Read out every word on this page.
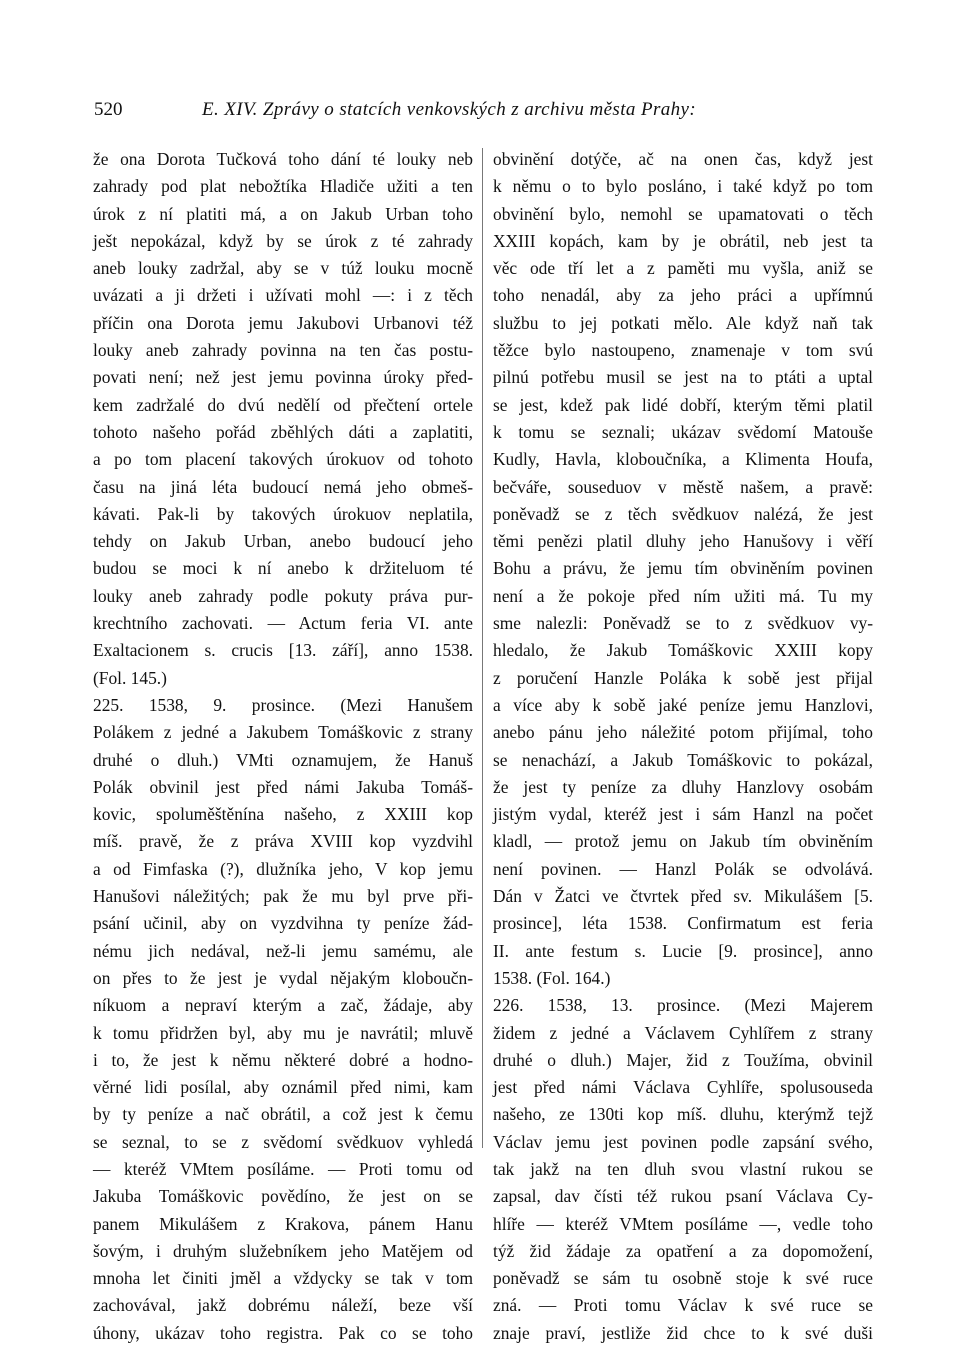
520	E. XIV. Zprávy o statcích venkovských z archivu města Prahy:
že ona Dorota Tučková toho dání té louky neb
zahrady pod plat nebožtíka Hladiče užiti a ten
úrok z ní platiti má, a on Jakub Urban toho
ješt nepokázal, když by se úrok z té zahrady
aneb louky zadržal, aby se v túž louku mocně
uvázati a ji držeti i užívati mohl —: i z těch
příčin ona Dorota jemu Jakubovi Urbanovi též
louky aneb zahrady povinna na ten čas postu-
povati není; než jest jemu povinna úroky před-
kem zadržalé do dvú nedělí od přečtení ortele
tohoto našeho pořád zběhlých dáti a zaplatiti,
a po tom placení takových úrokuov od tohoto
času na jiná léta budoucí nemá jeho obmeš-
kávati. Pak-li by takových úrokuov neplatila,
tehdy on Jakub Urban, anebo budoucí jeho
budou se moci k ní anebo k držiteluom té
louky aneb zahrady podle pokuty práva pur-
krechtního zachovati. — Actum feria VI. ante
Exaltacionem s. crucis [13. září], anno 1538.
(Fol. 145.)
225. 1538, 9. prosince. (Mezi Hanušem
Polákem z jedné a Jakubem Tomáškovic z strany
druhé o dluh.) VMti oznamujem, že Hanuš
Polák obvinil jest před námi Jakuba Tomáš-
kovic, spoluměštěnína našeho, z XXIII kop
míš. pravě, že z práva XVIII kop vyzdvihl
a od Fimfaska (?), dlužníka jeho, V kop jemu
Hanušovi náležitých; pak že mu byl prve při-
psání učinil, aby on vyzdvihna ty peníze žád-
nému jich nedával, než-li jemu samému, ale
on přes to že jest je vydal nějakým kloboučn-
níkuom a nepraví kterým a zač, žádaje, aby
k tomu přidržen byl, aby mu je navrátil; mluvě
i to, že jest k němu některé dobré a hodno-
věrné lidi posílal, aby oznámil před nimi, kam
by ty peníze a nač obrátil, a což jest k čemu
se seznal, to se z svědomí svědkuov vyhledá
— kteréž VMtem posíláme. — Proti tomu od
Jakuba Tomáškovic povědíno, že jest on se
panem Mikulášem z Krakova, pánem Hanu
šovým, i druhým služebníkem jeho Matějem od
mnoha let činiti jměl a vždycky se tak v tom
zachovával, jakž dobrému náleží, beze vší
úhony, ukázav toho registra. Pak co se toho
obvinění dotýče, ač na onen čas, když jest
k němu o to bylo posláno, i také když po tom
obvinění bylo, nemohl se upamatovati o těch
XXIII kopách, kam by je obrátil, neb jest ta
věc ode tří let a z paměti mu vyšla, aniž se
toho nenadál, aby za jeho práci a upřímnú
službu to jej potkati mělo. Ale když naň tak
těžce bylo nastoupeno, znamenaje v tom svú
pilnú potřebu musil se jest na to ptáti a uptal
se jest, kdež pak lidé dobří, kterým těmi platil
k tomu se seznali; ukázav svědomí Matouše
Kudly, Havla, kloboučníka, a Klimenta Houfa,
bečváře, souseduov v městě našem, a pravě:
poněvadž se z těch svědkuov nalézá, že jest
těmi penězi platil dluhy jeho Hanušovy i věří
Bohu a právu, že jemu tím obviněním povinen
není a že pokoje před ním užiti má. Tu my
sme nalezli: Poněvadž se to z svědkuov vy-
hledalo, že Jakub Tomáškovic XXIII kopy
z poručení Hanzle Poláka k sobě jest přijal
a více aby k sobě jaké peníze jemu Hanzlovi,
anebo pánu jeho náležité potom přijímal, toho
se nenachází, a Jakub Tomáškovic to pokázal,
že jest ty peníze za dluhy Hanzlovy osobám
jistým vydal, kteréž jest i sám Hanzl na počet
kladl, — protož jemu on Jakub tím obviněním
není povinen. — Hanzl Polák se odvolává.
Dán v Žatci ve čtvrtek před sv. Mikulášem [5.
prosince], léta 1538. Confirmatum est feria
II. ante festum s. Lucie [9. prosince], anno
1538. (Fol. 164.)
226. 1538, 13. prosince. (Mezi Majerem
židem z jedné a Václavem Cyhlířem z strany
druhé o dluh.) Majer, žid z Toužíma, obvinil
jest před námi Václava Cyhlíře, spolusouseda
našeho, ze 130ti kop míš. dluhu, kterýmž tejž
Václav jemu jest povinen podle zapsání svého,
tak jakž na ten dluh svou vlastní rukou se
zapsal, dav čísti též rukou psaní Václava Cy-
hlíře — kteréž VMtem posíláme —, vedle toho
týž žid žádaje za opatření a za dopomožení,
poněvadž se sám tu osobně stoje k své ruce
zná. — Proti tomu Václav k své ruce se
znaje praví, jestliže žid chce to k své duši
